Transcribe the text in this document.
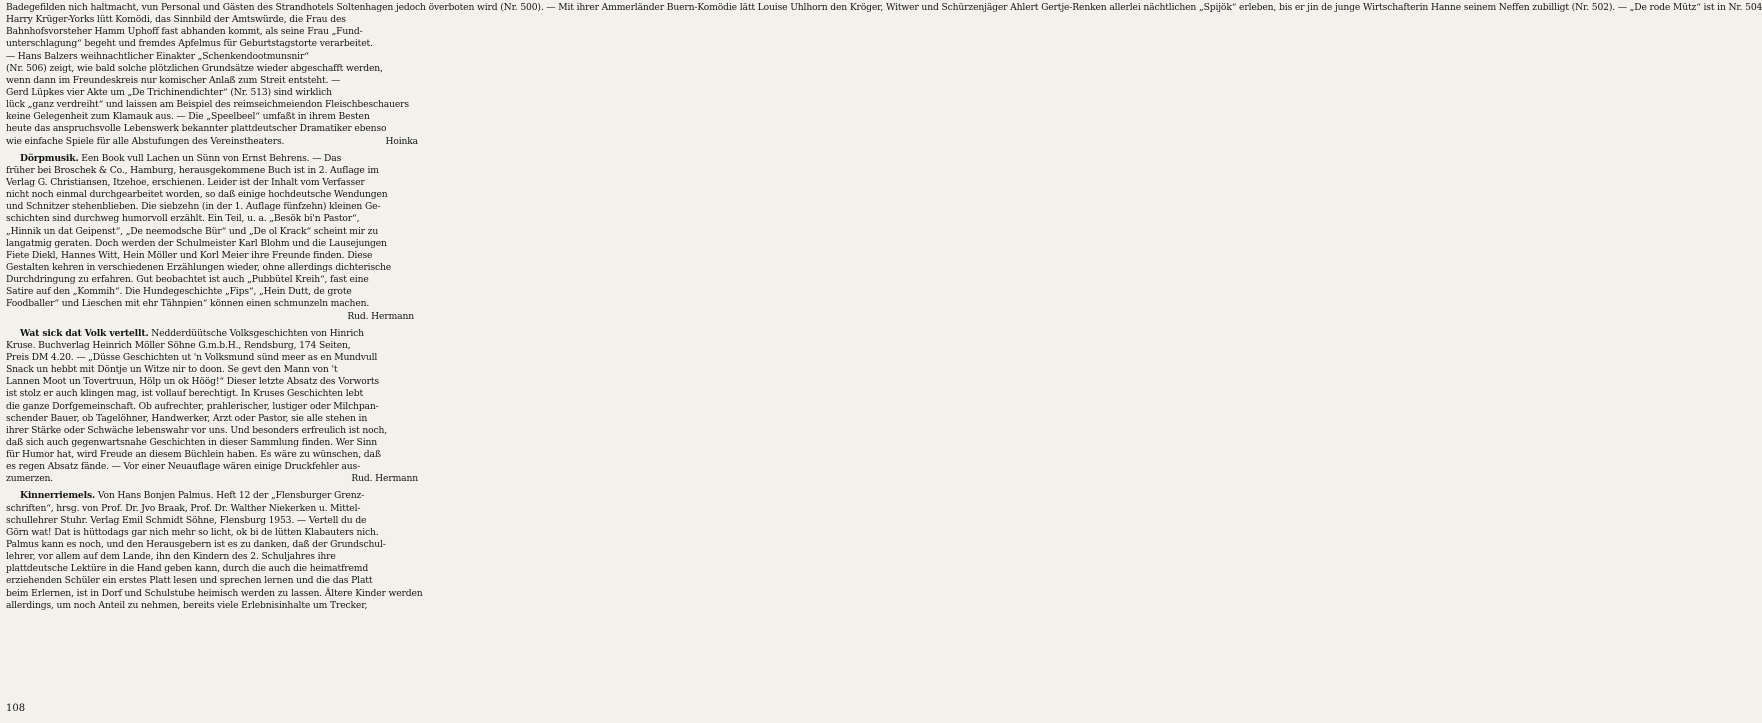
Badegefilden nich haltmacht, vun Personal und Gästen des Strandhotels Soltenhagen jedoch överboten wird (Nr. 500). — Mit ihrer Ammerländer Buern-Komödie lätt Louise Uhlhorn den Kröger, Witwer und Schürzenjäger Ahlert Gertje-Renken allerlei nächtlichen „Spijök“ erleben, bis er jin de junge Wirtschafterin Hanne seinem Neffen zubilligt (Nr. 502). — „De rode Mütz“ ist in Nr. 504
Harry Krüger-Yorks lütt Komödi, das Sinnbild der Amtswürde, die Frau des
Bahnhofsvorsteher Hamm Uphoff fast abhanden kommt, als seine Frau „Fund-
unterschlagung“ begeht und fremdes Apfelmus für Geburtstagstorte verarbeitet.
— Hans Balzers weihnachtlicher Einakter „Schenkendootmunsnir“
(Nr. 506) zeigt, wie bald solche plötzlichen Grundsätze wieder abgeschafft werden,
wenn dann im Freundeskreis nur komischer Anlaß zum Streit entsteht. —
Gerd Lüpkes vier Akte um „De Trichinendichter“ (Nr. 513) sind wirklich
lück „ganz verdreiht“ und laissen am Beispiel des reimseichmeiendon Fleischbeschauers
keine Gelegenheit zum Klamauk aus. — Die „Speelbeel“ umfaßt in ihrem Besten
heute das anspruchsvolle Lebenswerk bekannter plattdeutscher Dramatiker ebenso
wie einfache Spiele für alle Abstufungen des Vereinstheaters.	Hoinka
Dörpmusik. Een Book vull Lachen un Sünn von Ernst Behrens. — Das
früher bei Broschek & Co., Hamburg, herausgekommene Buch ist in 2. Auflage im
Verlag G. Christiansen, Itzehoe, erschienen. Leider ist der Inhalt vom Verfasser
nicht noch einmal durchgearbeitet worden, so daß einige hochdeutsche Wendungen
und Schnitzer stehenblieben. Die siebzehn (in der 1. Auflage fünfzehn) kleinen Ge-
schichten sind durchweg humorvoll erzählt. Ein Teil, u. a. „Besök bi'n Pastor“,
„Hinnik un dat Geipenst“, „De neemodsche Bür“ und „De ol Krack“ scheint mir zu
langatmig geraten. Doch werden der Schulmeister Karl Blohm und die Lausejungen
Fiete Diekl, Hannes Witt, Hein Möller und Korl Meier ihre Freunde finden. Diese
Gestalten kehren in verschiedenen Erzählungen wieder, ohne allerdings dichterische
Durchdringung zu erfahren. Gut beobachtet ist auch „Pubbütel Kreih“, fast eine
Satire auf den „Kommih“. Die Hundegeschichte „Fips“, „Hein Dutt, de grote
Foodballer“ und Lieschen mit ehr Tähnpien“ können einen schmunzeln machen.
Rud. Hermann
Wat sick dat Volk vertellt. Nedderdüütsche Volksgeschichten von Hinrich
Kruse. Buchverlag Heinrich Möller Söhne G.m.b.H., Rendsburg, 174 Seiten,
Preis DM 4.20. — „Düsse Geschichten ut 'n Volksmund sünd meer as en Mundvull
Snack un hebbt mit Döntje un Witze nir to doon. Se gevt den Mann von 't
Lannen Moot un Tovertruun, Hölp un ok Höög!“ Dieser letzte Absatz des Vorworts
ist stolz er auch klingen mag, ist vollauf berechtigt. In Kruses Geschichten lebt
die ganze Dorfgemeinschaft. Ob aufrechter, prahlerischer, lustiger oder Milchpan-
schender Bauer, ob Tagelöhner, Handwerker, Arzt oder Pastor, sie alle stehen in
ihrer Stärke oder Schwäche lebenswahr vor uns. Und besonders erfreulich ist noch,
daß sich auch gegenwartsnahe Geschichten in dieser Sammlung finden. Wer Sinn
für Humor hat, wird Freude an diesem Büchlein haben. Es wäre zu wünschen, daß
es regen Absatz fände. — Vor einer Neuauflage wären einige Druckfehler aus-
zumerzen.	Rud. Hermann
Kinnerriemels. Von Hans Bonjen Palmus. Heft 12 der „Flensburger Grenz-
schriften“, hrsg. von Prof. Dr. Jvo Braak, Prof. Dr. Walther Niekerken u. Mittel-
schullehrer Stuhr. Verlag Emil Schmidt Söhne, Flensburg 1953. — Vertell du de
Görn wat! Dat is hüttodags gar nich mehr so licht, ok bi de lütten Klabauters nich.
Palmus kann es noch, und den Herausgebern ist es zu danken, daß der Grundschul-
lehrer, vor allem auf dem Lande, ihn den Kindern des 2. Schuljahres ihre
plattdeutsche Lektüre in die Hand geben kann, durch die auch die heimatfremd
erziehenden Schüler ein erstes Platt lesen und sprechen lernen und die das Platt
beim Erlernen, ist in Dorf und Schulstube heimisch werden zu lassen. Ältere Kinder werden
allerdings, um noch Anteil zu nehmen, bereits viele Erlebnisinhalte um Trecker,
108
